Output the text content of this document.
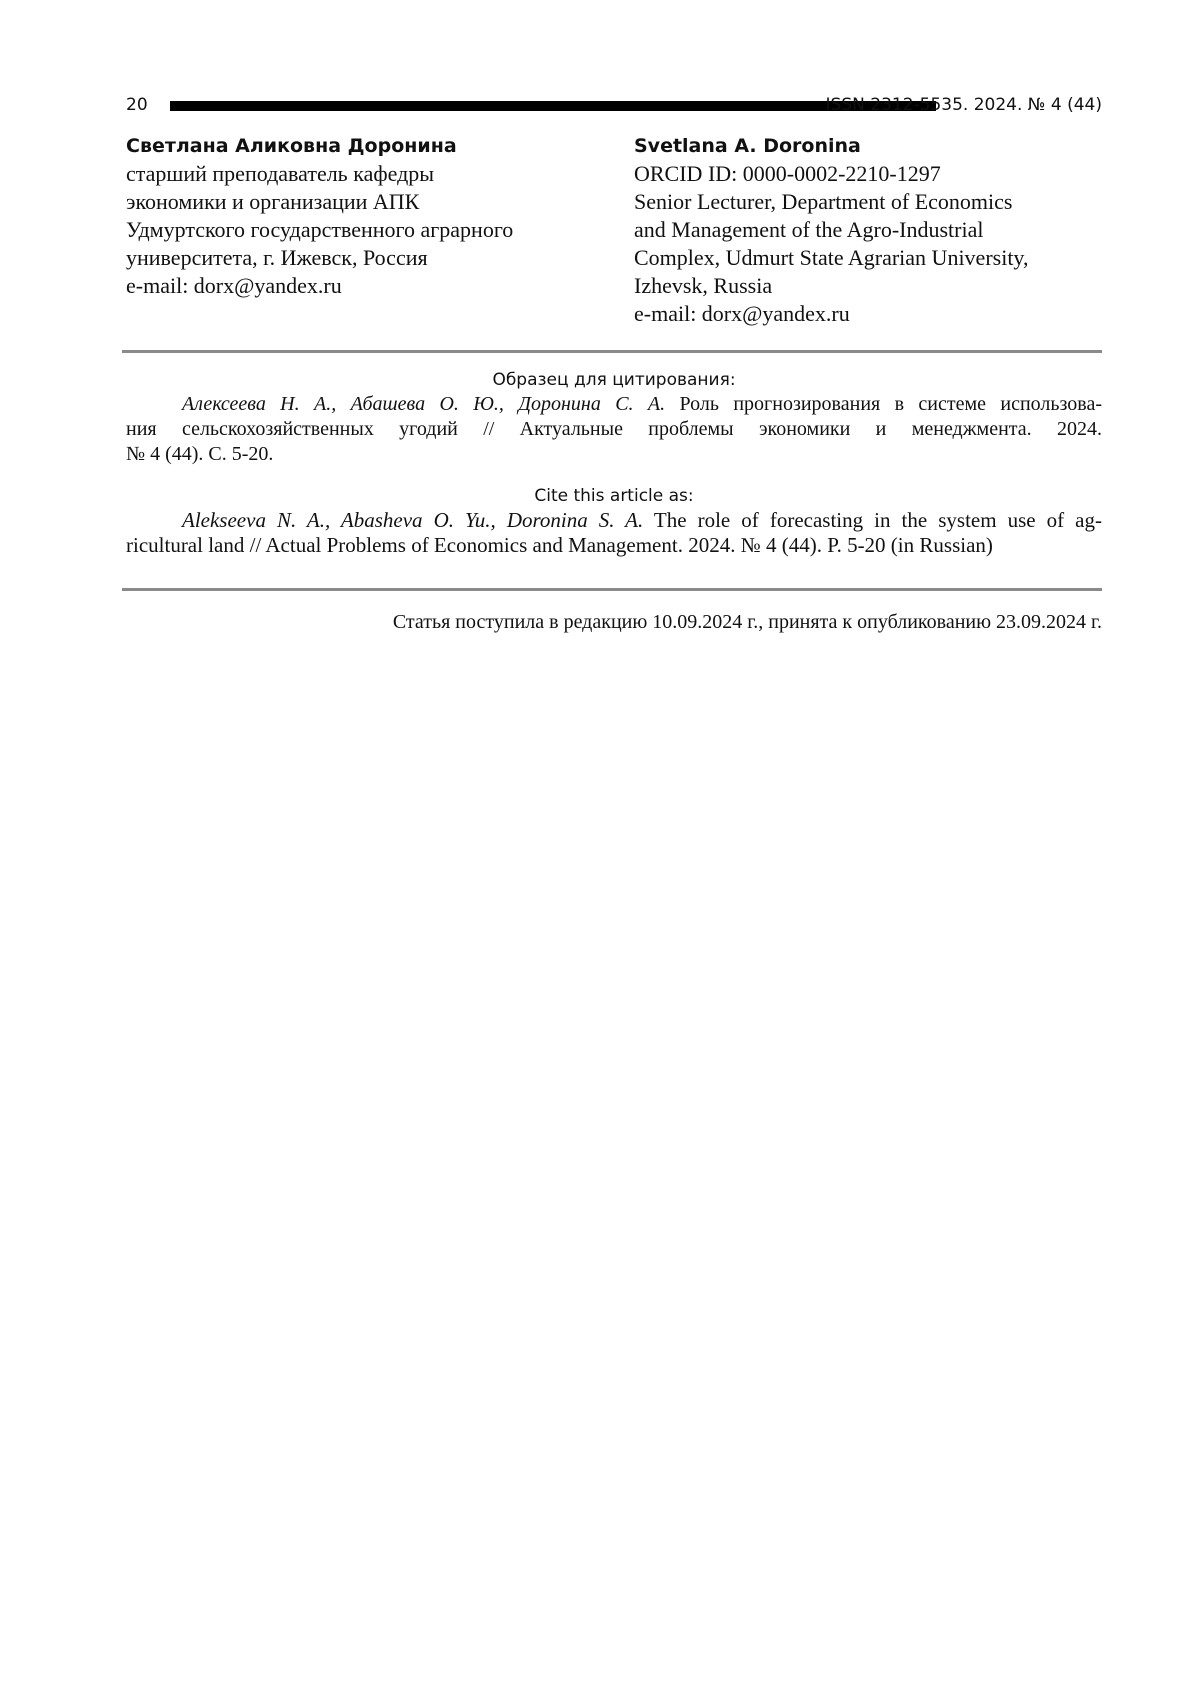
20	ISSN 2312-5535. 2024. № 4 (44)
Светлана Аликовна Доронина
старший преподаватель кафедры
экономики и организации АПК
Удмуртского государственного аграрного
университета, г. Ижевск, Россия
e-mail: dorx@yandex.ru
Svetlana A. Doronina
ORCID ID: 0000-0002-2210-1297
Senior Lecturer, Department of Economics
and Management of the Agro-Industrial
Complex, Udmurt State Agrarian University,
Izhevsk, Russia
e-mail: dorx@yandex.ru
Образец для цитирования:
Алексеева Н. А., Абашева О. Ю., Доронина С. А. Роль прогнозирования в системе использова-
ния сельскохозяйственных угодий // Актуальные проблемы экономики и менеджмента. 2024.
№ 4 (44). С. 5-20.
Cite this article as:
Alekseeva N. A., Abasheva O. Yu., Doronina S. A. The role of forecasting in the system use of ag-
ricultural land // Actual Problems of Economics and Management. 2024. № 4 (44). P. 5-20 (in Russian)
Статья поступила в редакцию 10.09.2024 г., принята к опубликованию 23.09.2024 г.
